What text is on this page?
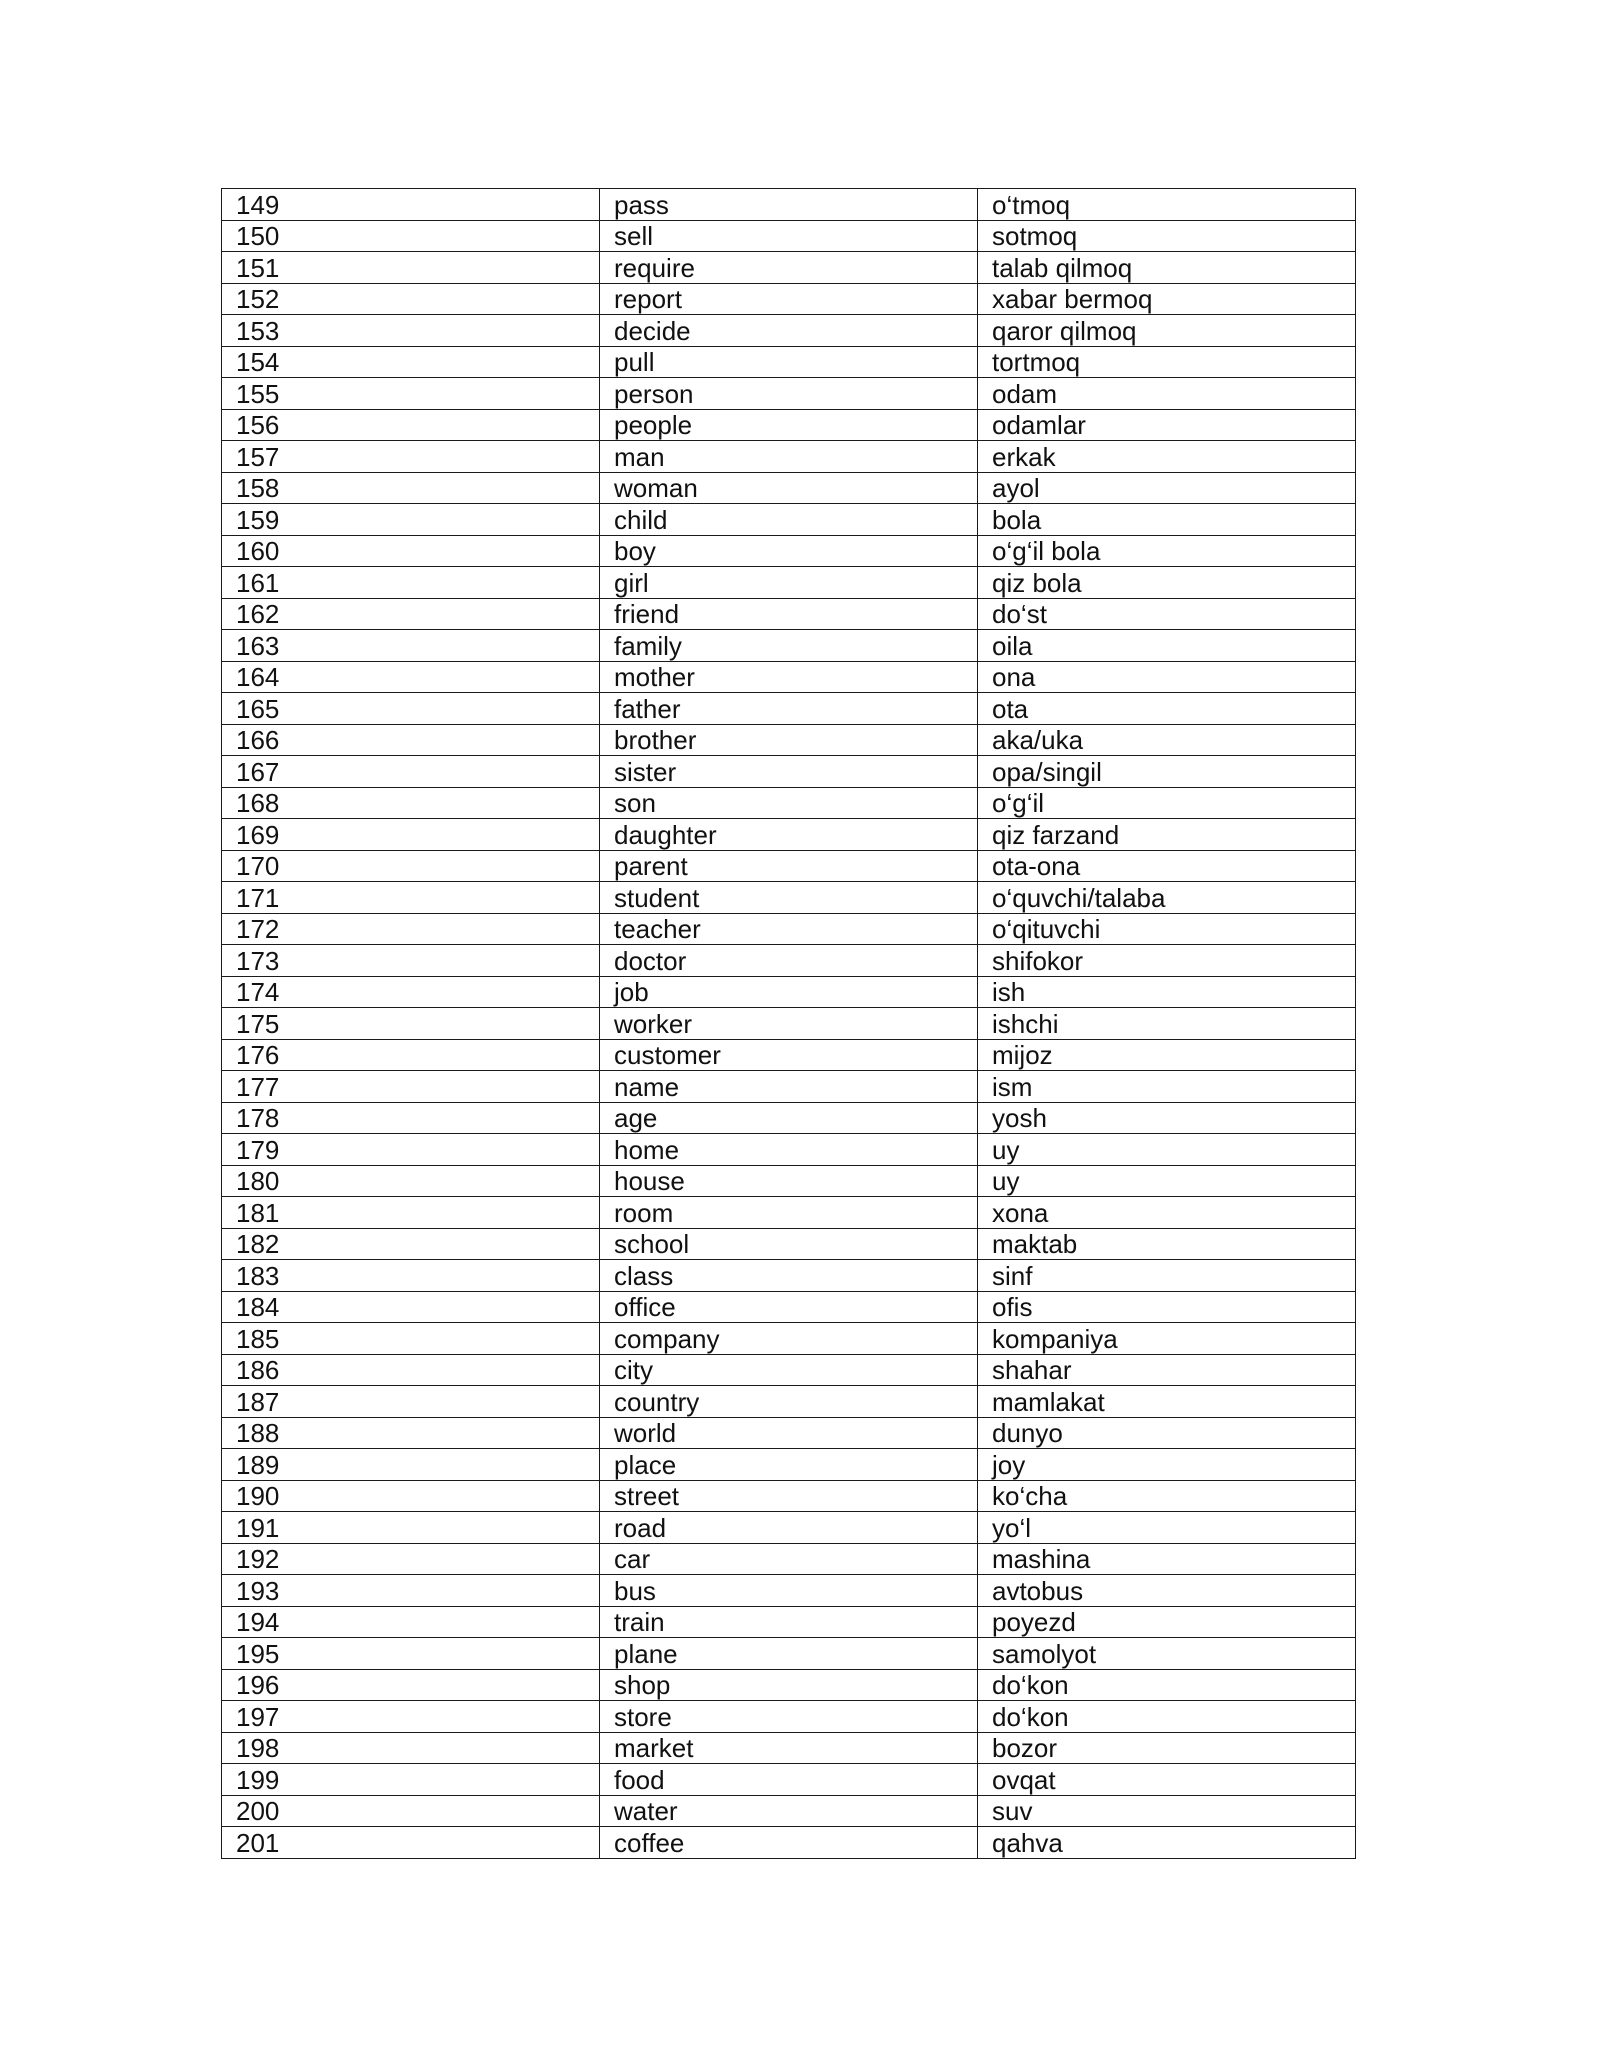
149	pass	o‘tmoq
150	sell	sotmoq
151	require	talab qilmoq
152	report	xabar bermoq
153	decide	qaror qilmoq
154	pull	tortmoq
155	person	odam
156	people	odamlar
157	man	erkak
158	woman	ayol
159	child	bola
160	boy	o‘g‘il bola
161	girl	qiz bola
162	friend	do‘st
163	family	oila
164	mother	ona
165	father	ota
166	brother	aka/uka
167	sister	opa/singil
168	son	o‘g‘il
169	daughter	qiz farzand
170	parent	ota-ona
171	student	o‘quvchi/talaba
172	teacher	o‘qituvchi
173	doctor	shifokor
174	job	ish
175	worker	ishchi
176	customer	mijoz
177	name	ism
178	age	yosh
179	home	uy
180	house	uy
181	room	xona
182	school	maktab
183	class	sinf
184	office	ofis
185	company	kompaniya
186	city	shahar
187	country	mamlakat
188	world	dunyo
189	place	joy
190	street	ko‘cha
191	road	yo‘l
192	car	mashina
193	bus	avtobus
194	train	poyezd
195	plane	samolyot
196	shop	do‘kon
197	store	do‘kon
198	market	bozor
199	food	ovqat
200	water	suv
201	coffee	qahva
